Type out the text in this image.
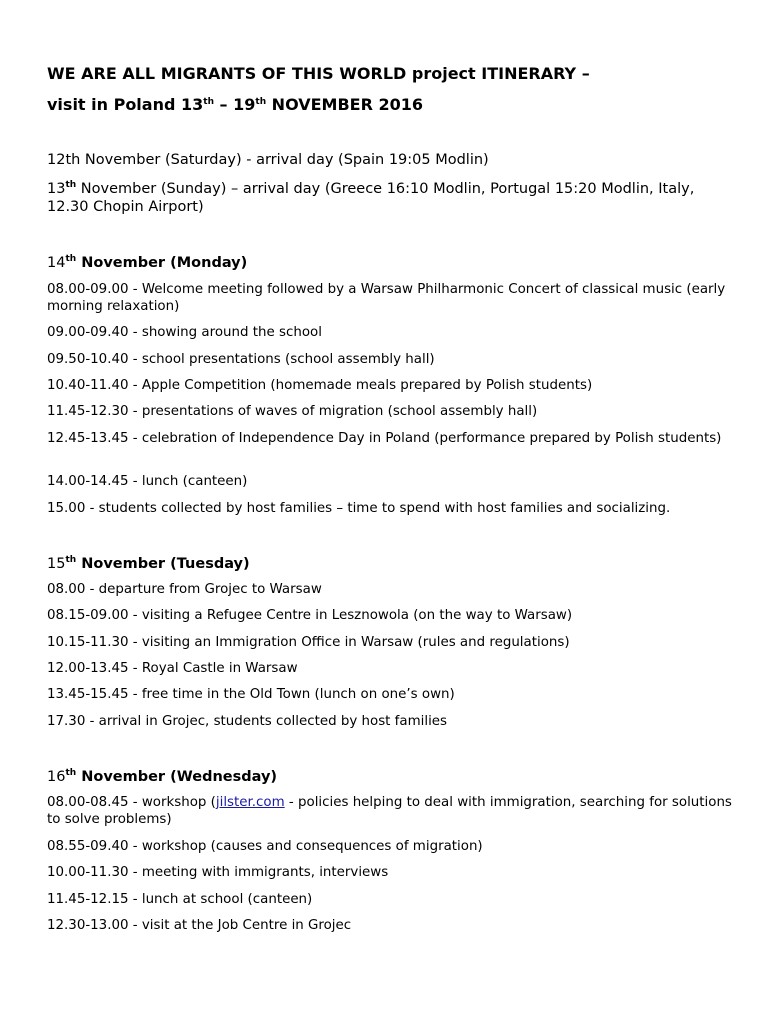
WE ARE ALL MIGRANTS OF THIS WORLD project ITINERARY –
visit in Poland 13th – 19th NOVEMBER 2016
12th November (Saturday) - arrival day (Spain 19:05 Modlin)
13th November (Sunday) – arrival day (Greece 16:10 Modlin, Portugal 15:20 Modlin, Italy, 12.30 Chopin Airport)
14th November (Monday)
08.00-09.00 - Welcome meeting followed by a Warsaw Philharmonic Concert of classical music (early morning relaxation)
09.00-09.40 - showing around the school
09.50-10.40 - school presentations (school assembly hall)
10.40-11.40 - Apple Competition (homemade meals prepared by Polish students)
11.45-12.30 - presentations of waves of migration (school assembly hall)
12.45-13.45 - celebration of Independence Day in Poland (performance prepared by Polish students)
14.00-14.45 - lunch (canteen)
15.00 - students collected by host families – time to spend with host families and socializing.
15th November (Tuesday)
08.00 - departure from Grojec to Warsaw
08.15-09.00 - visiting a Refugee Centre in Lesznowola (on the way to Warsaw)
10.15-11.30 - visiting an Immigration Office in Warsaw (rules and regulations)
12.00-13.45 - Royal Castle in Warsaw
13.45-15.45 - free time in the Old Town (lunch on one’s own)
17.30 - arrival in Grojec, students collected by host families
16th November (Wednesday)
08.00-08.45 - workshop (jilster.com - policies helping to deal with immigration, searching for solutions to solve problems)
08.55-09.40 - workshop (causes and consequences of migration)
10.00-11.30 - meeting with immigrants, interviews
11.45-12.15 - lunch at school (canteen)
12.30-13.00 - visit at the Job Centre in Grojec
